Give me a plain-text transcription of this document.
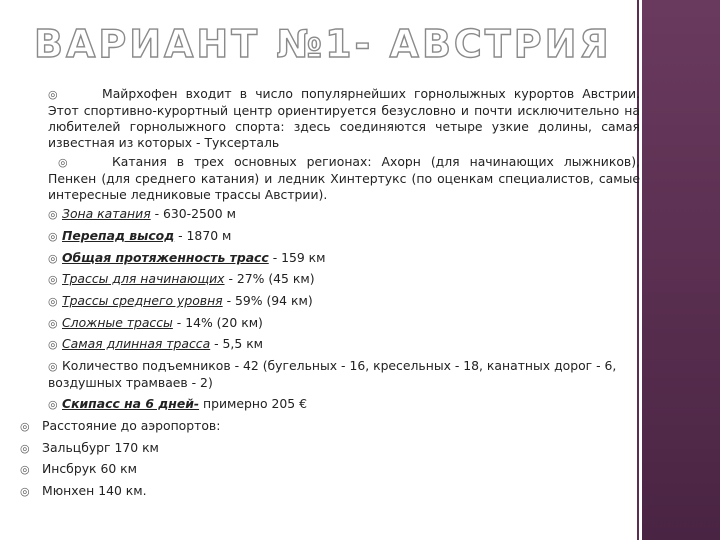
ВАРИАНТ №1- АВСТРИЯ
◎	Майрхофен входит в число популярнейших горнолыжных курортов Австрии. Этот спортивно-курортный центр ориентируется безусловно и почти исключительно на любителей горнолыжного спорта: здесь соединяются четыре узкие долины, самая известная из которых - Туксерталь
◎	Катания в трех основных регионах: Ахорн (для начинающих лыжников), Пенкен (для среднего катания) и ледник Хинтертукс (по оценкам специалистов, самые интересные ледниковые трассы Австрии).
◎ Зона катания - 630-2500 м
◎ Перепад высод - 1870 м
◎ Общая протяженность трасс - 159 км
◎ Трассы для начинающих - 27% (45 км)
◎ Трассы среднего уровня - 59% (94 км)
◎ Сложные трассы - 14% (20 км)
◎ Самая длинная трасса - 5,5 км
◎ Количество подъемников - 42 (бугельных - 16, кресельных - 18, канатных дорог - 6, воздушных трамваев - 2)
◎ Скипасс на 6 дней- примерно 205 €
◎ Расстояние до аэропортов:
◎ Зальцбург 170 км
◎ Инсбрук 60 км
◎ Мюнхен 140 км.
